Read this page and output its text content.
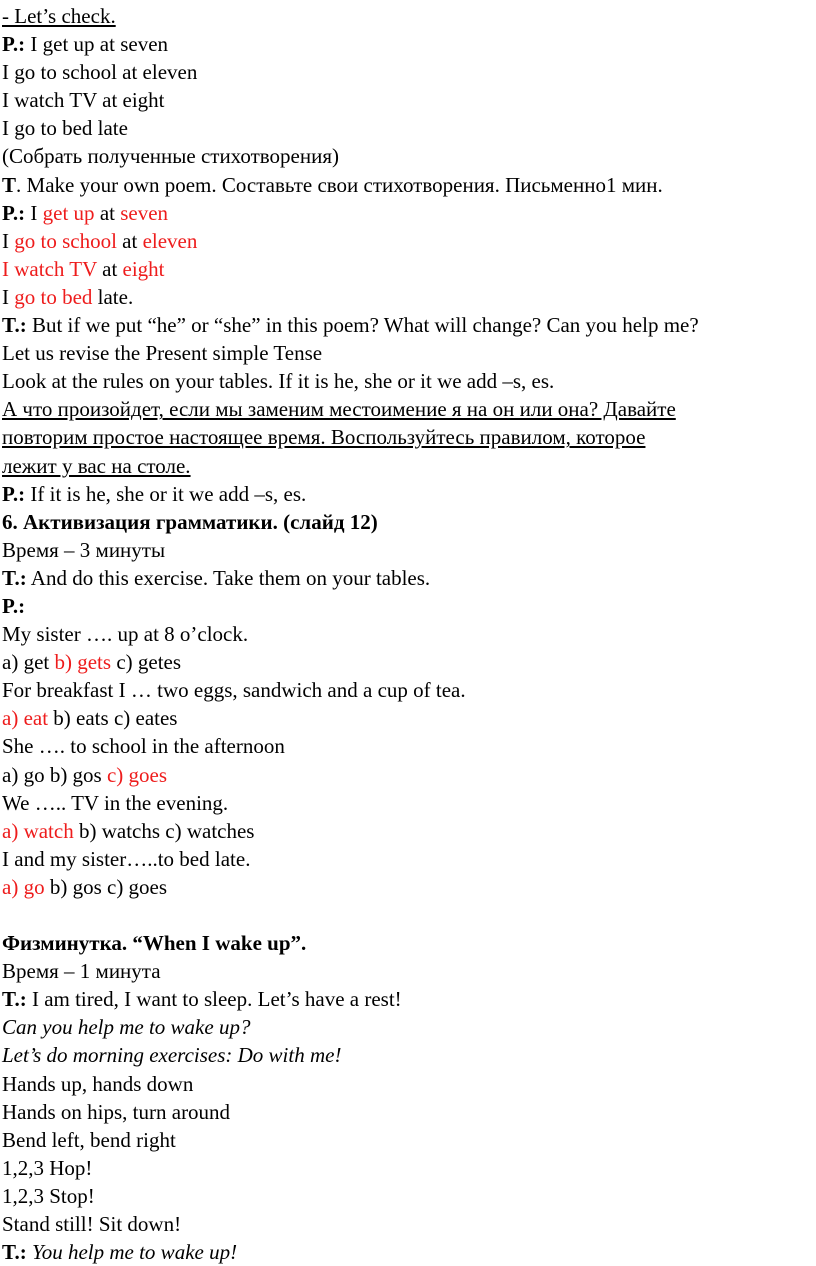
- Let’s check.
P.: I get up at seven
I go to school at eleven
I watch TV at eight
I go to bed late
(Собрать полученные стихотворения)
T. Make your own poem. Составьте свои стихотворения. Письменно1 мин.
P.: I get up at seven
I go to school at eleven
I watch TV at eight
I go to bed late.
T.: But if we put “he” or “she” in this poem? What will change? Can you help me?
Let us revise the Present simple Tense
Look at the rules on your tables. If it is he, she or it we add –s, es.
А что произойдет, если мы заменим местоимение я на он или она? Давайте
повторим простое настоящее время. Воспользуйтесь правилом, которое
лежит у вас на столе.
P.: If it is he, she or it we add –s, es.
6. Активизация грамматики. (слайд 12)
Время – 3 минуты
T.: And do this exercise. Take them on your tables.
P.:
My sister …. up at 8 o’clock.
a) get b) gets c) getes
For breakfast I … two eggs, sandwich and a cup of tea.
a) eat b) eats c) eates
She …. to school in the afternoon
a) go b) gos c) goes
We ….. TV in the evening.
a) watch b) watchs c) watches
I and my sister…..to bed late.
a) go b) gos c) goes
Физминутка. “When I wake up”.
Время – 1 минута
T.: I am tired, I want to sleep. Let’s have a rest!
Can you help me to wake up?
Let’s do morning exercises: Do with me!
Hands up, hands down
Hands on hips, turn around
Bend left, bend right
1,2,3 Hop!
1,2,3 Stop!
Stand still! Sit down!
T.: You help me to wake up!
